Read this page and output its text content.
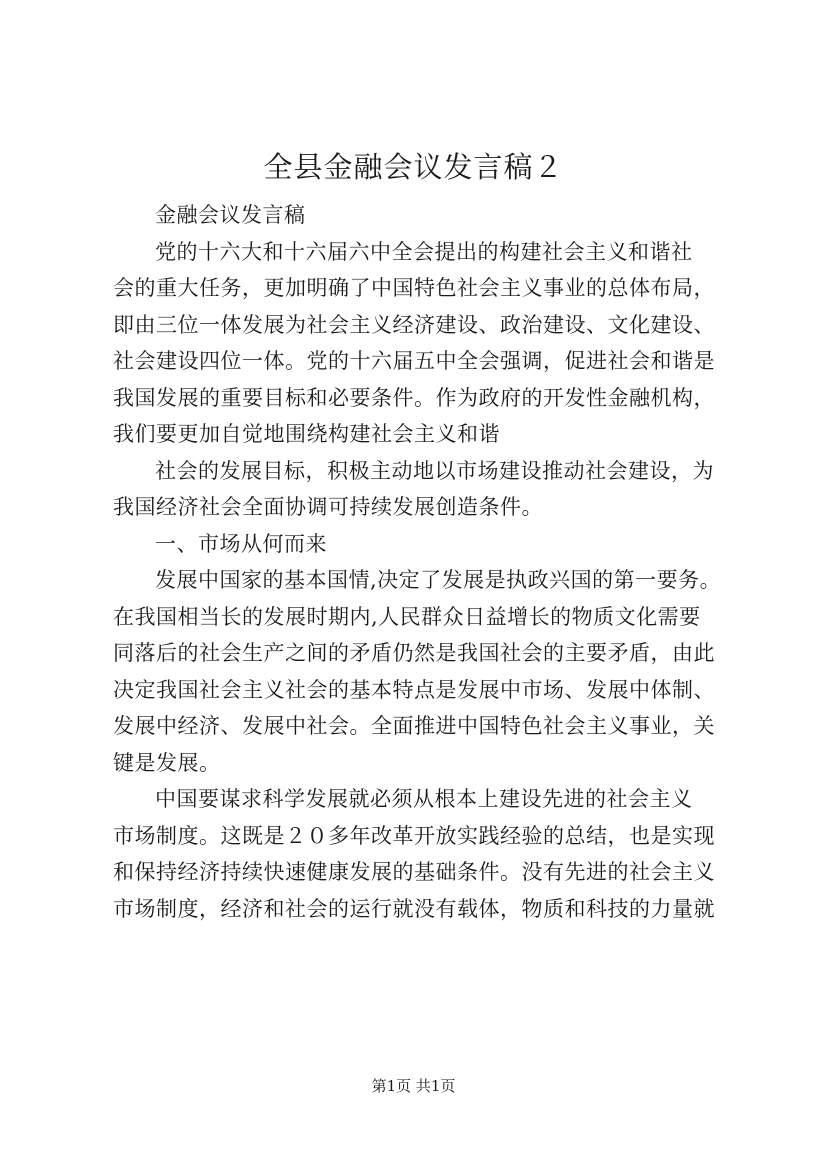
全县金融会议发言稿２
金融会议发言稿
党的十六大和十六届六中全会提出的构建社会主义和谐社
会的重大任务，更加明确了中国特色社会主义事业的总体布局，
即由三位一体发展为社会主义经济建设、政治建设、文化建设、
社会建设四位一体。党的十六届五中全会强调，促进社会和谐是
我国发展的重要目标和必要条件。作为政府的开发性金融机构，
我们要更加自觉地围绕构建社会主义和谐
社会的发展目标，积极主动地以市场建设推动社会建设，为
我国经济社会全面协调可持续发展创造条件。
一、市场从何而来
发展中国家的基本国情,决定了发展是执政兴国的第一要务。
在我国相当长的发展时期内,人民群众日益增长的物质文化需要
同落后的社会生产之间的矛盾仍然是我国社会的主要矛盾，由此
决定我国社会主义社会的基本特点是发展中市场、发展中体制、
发展中经济、发展中社会。全面推进中国特色社会主义事业，关
键是发展。
中国要谋求科学发展就必须从根本上建设先进的社会主义
市场制度。这既是２０多年改革开放实践经验的总结，也是实现
和保持经济持续快速健康发展的基础条件。没有先进的社会主义
市场制度，经济和社会的运行就没有载体，物质和科技的力量就
第1页 共1页
